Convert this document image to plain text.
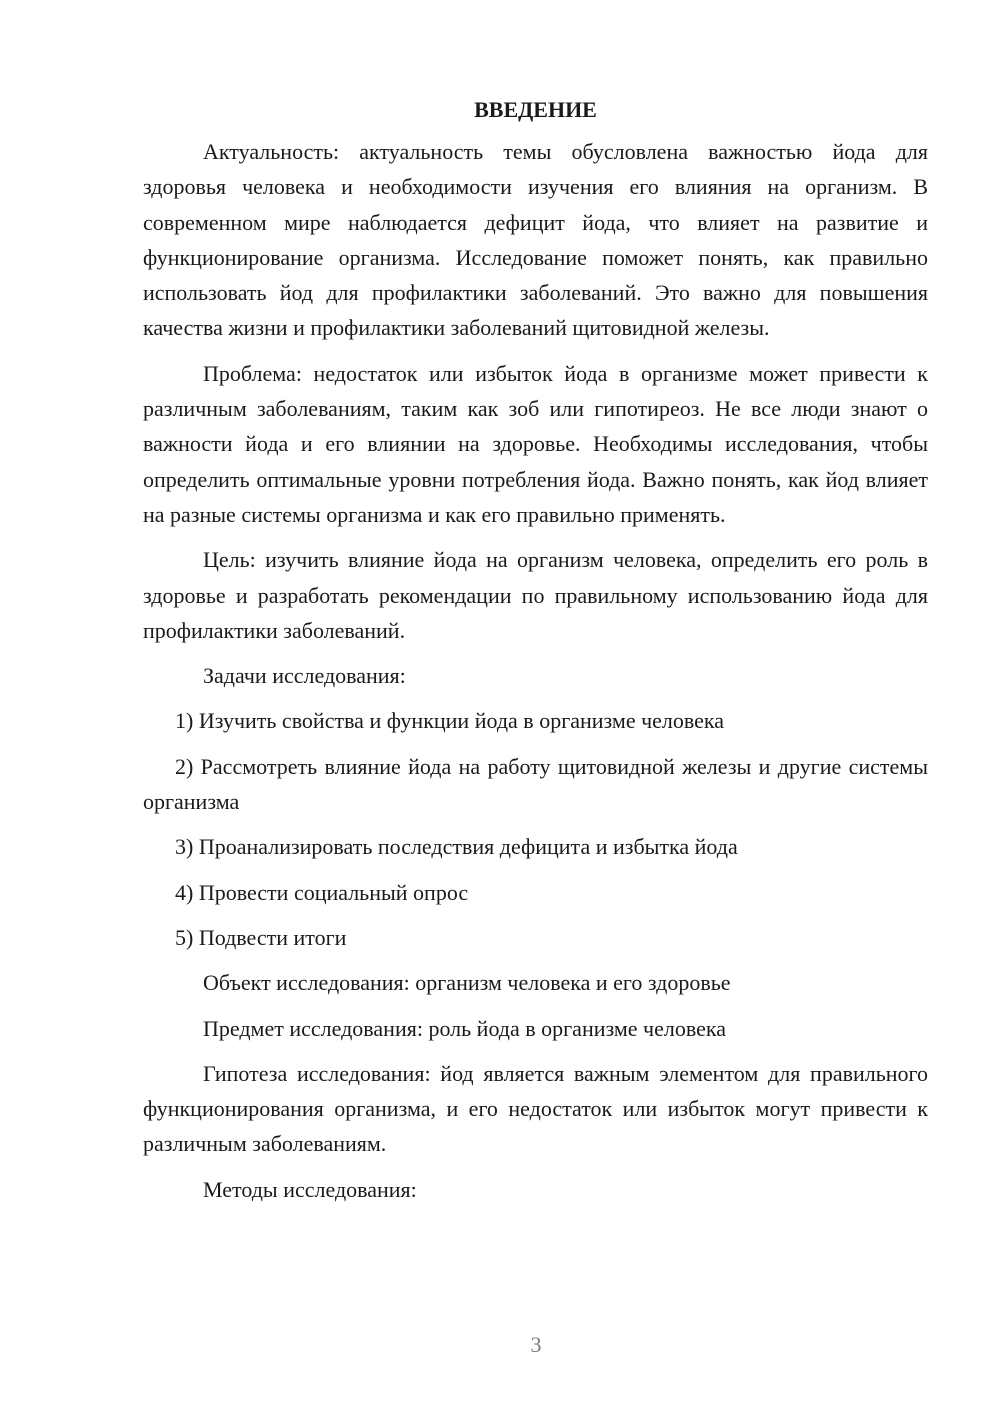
ВВЕДЕНИЕ

Актуальность: актуальность темы обусловлена важностью йода для здоровья человека и необходимости изучения его влияния на организм. В современном мире наблюдается дефицит йода, что влияет на развитие и функционирование организма. Исследование поможет понять, как правильно использовать йод для профилактики заболеваний. Это важно для повышения качества жизни и профилактики заболеваний щитовидной железы.

Проблема: недостаток или избыток йода в организме может привести к различным заболеваниям, таким как зоб или гипотиреоз. Не все люди знают о важности йода и его влиянии на здоровье. Необходимы исследования, чтобы определить оптимальные уровни потребления йода. Важно понять, как йод влияет на разные системы организма и как его правильно применять.

Цель: изучить влияние йода на организм человека, определить его роль в здоровье и разработать рекомендации по правильному использованию йода для профилактики заболеваний.

Задачи исследования:

1) Изучить свойства и функции йода в организме человека

2) Рассмотреть влияние йода на работу щитовидной железы и другие системы организма

3) Проанализировать последствия дефицита и избытка йода

4) Провести социальный опрос

5) Подвести итоги

Объект исследования: организм человека и его здоровье

Предмет исследования: роль йода в организме человека

Гипотеза исследования: йод является важным элементом для правильного функционирования организма, и его недостаток или избыток могут привести к различным заболеваниям.

Методы исследования:

3
